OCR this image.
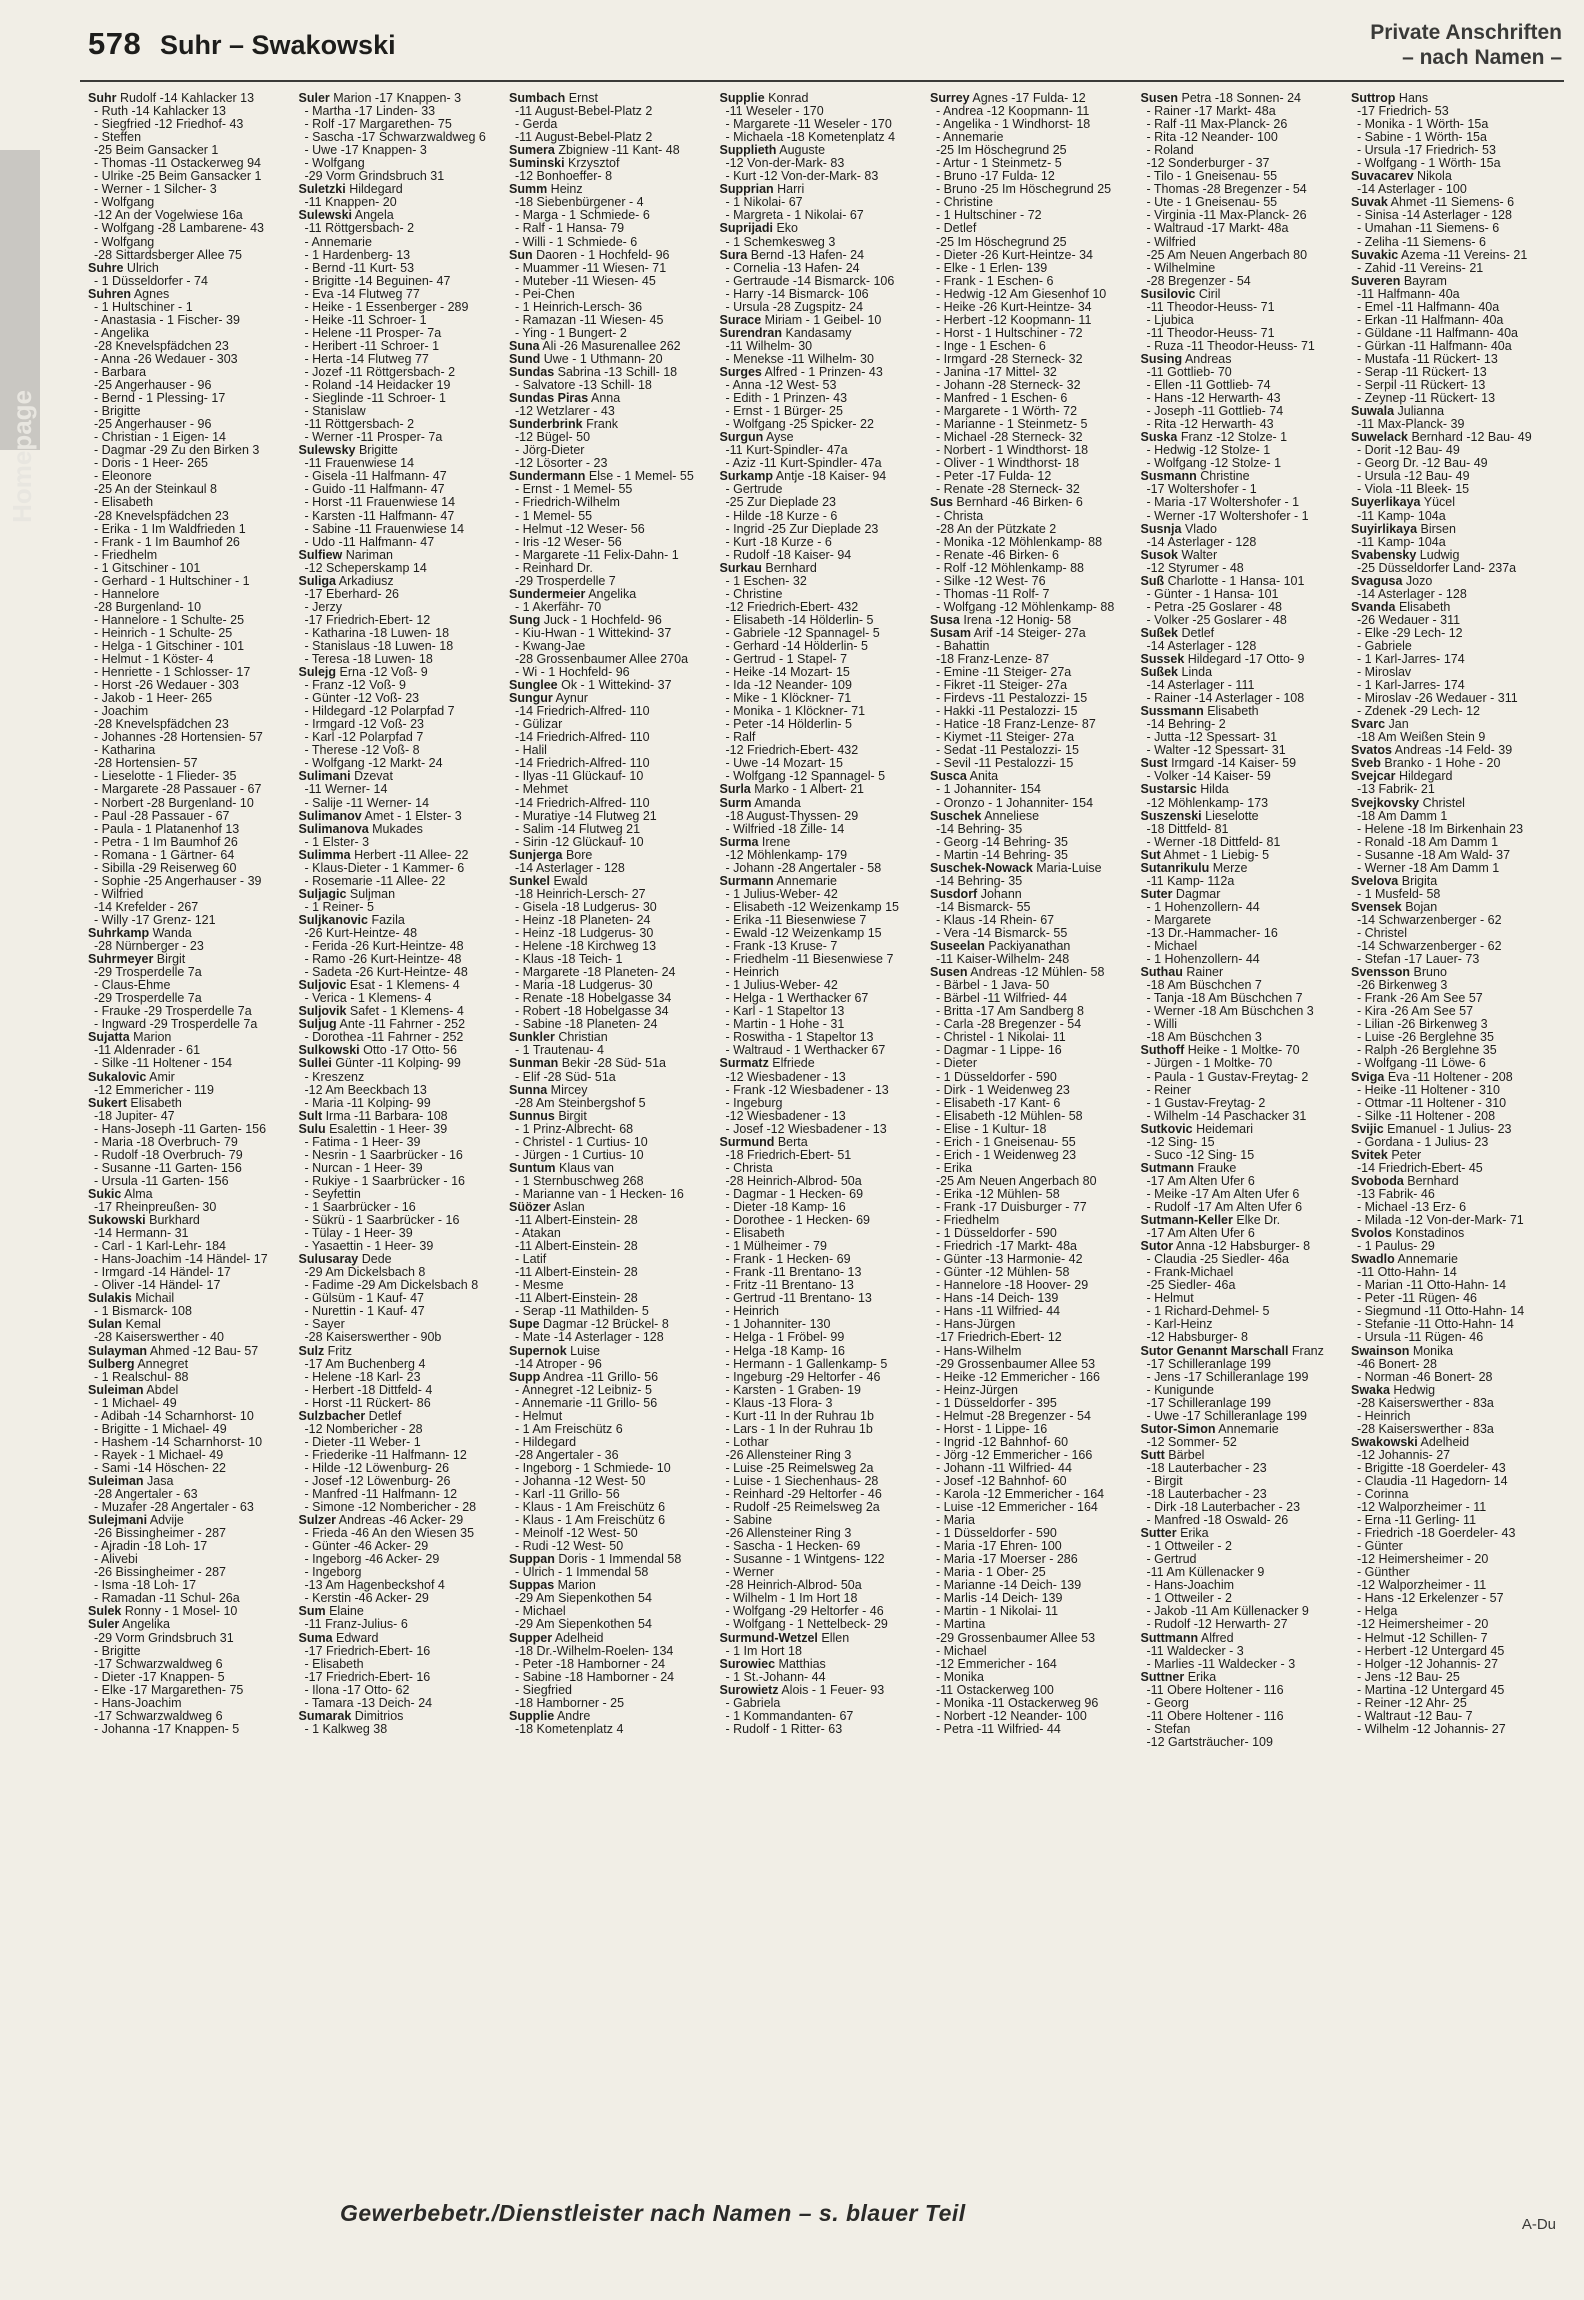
578 Suhr – Swakowski	Private Anschriften
– nach Namen –
Homepage
Suhr Rudolf -14 Kahlacker 13
- Ruth -14 Kahlacker 13
- Siegfried -12 Friedhof- 43
- Steffen
-25 Beim Gansacker 1
- Thomas -11 Ostackerweg 94
- Ulrike -25 Beim Gansacker 1
- Werner - 1 Silcher- 3
- Wolfgang
-12 An der Vogelwiese 16a
- Wolfgang -28 Lambarene- 43
- Wolfgang
-28 Sittardsberger Allee 75
Suhre Ulrich
- 1 Düsseldorfer - 74
Suhren Agnes
- 1 Hultschiner - 1
- Anastasia - 1 Fischer- 39
- Angelika
-28 Knevelspfädchen 23
- Anna -26 Wedauer - 303
- Barbara
-25 Angerhauser - 96
- Bernd - 1 Plessing- 17
- Brigitte
-25 Angerhauser - 96
- Christian - 1 Eigen- 14
- Dagmar -29 Zu den Birken 3
- Doris - 1 Heer- 265
- Eleonore
-25 An der Steinkaul 8
- Elisabeth
-28 Knevelspfädchen 23
- Erika - 1 Im Waldfrieden 1
- Frank - 1 Im Baumhof 26
- Friedhelm
- 1 Gitschiner - 101
- Gerhard - 1 Hultschiner - 1
- Hannelore
-28 Burgenland- 10
- Hannelore - 1 Schulte- 25
- Heinrich - 1 Schulte- 25
- Helga - 1 Gitschiner - 101
- Helmut - 1 Köster- 4
- Henriette - 1 Schlosser- 17
- Horst -26 Wedauer - 303
- Jakob - 1 Heer- 265
- Joachim
-28 Knevelspfädchen 23
- Johannes -28 Hortensien- 57
- Katharina
-28 Hortensien- 57
- Lieselotte - 1 Flieder- 35
- Margarete -28 Passauer - 67
- Norbert -28 Burgenland- 10
- Paul -28 Passauer - 67
- Paula - 1 Platanenhof 13
- Petra - 1 Im Baumhof 26
- Romana - 1 Gärtner- 64
- Sibilla -29 Reiserweg 60
- Sophie -25 Angerhauser - 39
- Wilfried
-14 Krefelder - 267
- Willy -17 Grenz- 121
Suhrkamp Wanda
-28 Nürnberger - 23
Suhrmeyer Birgit
-29 Trosperdelle 7a
- Claus-Ehme
-29 Trosperdelle 7a
- Frauke -29 Trosperdelle 7a
- Ingward -29 Trosperdelle 7a
Sujatta Marion
-11 Aldenrader - 61
- Silke -11 Holtener - 154
Sukalovic Amir
-12 Emmericher - 119
Sukert Elisabeth
-18 Jupiter- 47
- Hans-Joseph -11 Garten- 156
- Maria -18 Overbruch- 79
- Rudolf -18 Overbruch- 79
- Susanne -11 Garten- 156
- Ursula -11 Garten- 156
Sukic Alma
-17 Rheinpreußen- 30
Sukowski Burkhard
-14 Hermann- 31
- Carl - 1 Karl-Lehr- 184
- Hans-Joachim -14 Händel- 17
- Irmgard -14 Händel- 17
- Oliver -14 Händel- 17
Sulakis Michail
- 1 Bismarck- 108
Sulan Kemal
-28 Kaiserswerther - 40
Sulayman Ahmed -12 Bau- 57
Sulberg Annegret
- 1 Realschul- 88
Suleiman Abdel
- 1 Michael- 49
- Adibah -14 Scharnhorst- 10
- Brigitte - 1 Michael- 49
- Hashem -14 Scharnhorst- 10
- Rayek - 1 Michael- 49
- Sami -14 Höschen- 22
Suleiman Jasa
-28 Angertaler - 63
- Muzafer -28 Angertaler - 63
Sulejmani Advije
-26 Bissingheimer - 287
- Ajradin -18 Loh- 17
- Alivebi
-26 Bissingheimer - 287
- Isma -18 Loh- 17
- Ramadan -11 Schul- 26a
Sulek Ronny - 1 Mosel- 10
Suler Angelika
-29 Vorm Grindsbruch 31
- Brigitte
-17 Schwarzwaldweg 6
- Dieter -17 Knappen- 5
- Elke -17 Margarethen- 75
- Hans-Joachim
-17 Schwarzwaldweg 6
- Johanna -17 Knappen- 5
Suler Marion -17 Knappen- 3
- Martha -17 Linden- 33
- Rolf -17 Margarethen- 75
- Sascha -17 Schwarzwaldweg 6
- Uwe -17 Knappen- 3
- Wolfgang
-29 Vorm Grindsbruch 31
Suletzki Hildegard
-11 Knappen- 20
Sulewski Angela
-11 Röttgersbach- 2
- Annemarie
- 1 Hardenberg- 13
- Bernd -11 Kurt- 53
- Brigitte -14 Beguinen- 47
- Eva -14 Flutweg 77
- Heike - 1 Essenberger - 289
- Heike -11 Schroer- 1
- Helene -11 Prosper- 7a
- Heribert -11 Schroer- 1
- Herta -14 Flutweg 77
- Jozef -11 Röttgersbach- 2
- Roland -14 Heidacker 19
- Sieglinde -11 Schroer- 1
- Stanislaw
-11 Röttgersbach- 2
- Werner -11 Prosper- 7a
Sulewsky Brigitte
-11 Frauenwiese 14
- Gisela -11 Halfmann- 47
- Guido -11 Halfmann- 47
- Horst -11 Frauenwiese 14
- Karsten -11 Halfmann- 47
- Sabine -11 Frauenwiese 14
- Udo -11 Halfmann- 47
Sulfiew Nariman
-12 Scheperskamp 14
Suliga Arkadiusz
-17 Eberhard- 26
- Jerzy
-17 Friedrich-Ebert- 12
- Katharina -18 Luwen- 18
- Stanislaus -18 Luwen- 18
- Teresa -18 Luwen- 18
Sulejg Erna -12 Voß- 9
- Franz -12 Voß- 9
- Günter -12 Voß- 23
- Hildegard -12 Polarpfad 7
- Irmgard -12 Voß- 23
- Karl -12 Polarpfad 7
- Therese -12 Voß- 8
- Wolfgang -12 Markt- 24
Sulimani Dzevat
-11 Werner- 14
- Salije -11 Werner- 14
Sulimanov Amet - 1 Elster- 3
Sulimanova Mukades
- 1 Elster- 3
Sulimma Herbert -11 Allee- 22
- Klaus-Dieter - 1 Kammer- 6
- Rosemarie -11 Allee- 22
Suljagic Suljman
- 1 Reiner- 5
Suljkanovic Fazila
-26 Kurt-Heintze- 48
- Ferida -26 Kurt-Heintze- 48
- Ramo -26 Kurt-Heintze- 48
- Sadeta -26 Kurt-Heintze- 48
Suljovic Esat - 1 Klemens- 4
- Verica - 1 Klemens- 4
Suljovik Safet - 1 Klemens- 4
Suljug Ante -11 Fahrner - 252
- Dorothea -11 Fahrner - 252
Sulkowski Otto -17 Otto- 56
Sullei Günter -11 Kolping- 99
- Kreszenz
-12 Am Beeckbach 13
- Maria -11 Kolping- 99
Sult Irma -11 Barbara- 108
Sulu Esalettin - 1 Heer- 39
- Fatima - 1 Heer- 39
- Nesrin - 1 Saarbrücker - 16
- Nurcan - 1 Heer- 39
- Rukiye - 1 Saarbrücker - 16
- Seyfettin
- 1 Saarbrücker - 16
- Sükrü - 1 Saarbrücker - 16
- Tülay - 1 Heer- 39
- Yasaettin - 1 Heer- 39
Sulusaray Dede
-29 Am Dickelsbach 8
- Fadime -29 Am Dickelsbach 8
- Gülsüm - 1 Kauf- 47
- Nurettin - 1 Kauf- 47
- Sayer
-28 Kaiserswerther - 90b
Sulz Fritz
-17 Am Buchenberg 4
- Helene -18 Karl- 23
- Herbert -18 Dittfeld- 4
- Horst -11 Rückert- 86
Sulzbacher Detlef
-12 Nombericher - 28
- Dieter -11 Weber- 1
- Friederike -11 Halfmann- 12
- Hilde -12 Löwenburg- 26
- Josef -12 Löwenburg- 26
- Manfred -11 Halfmann- 12
- Simone -12 Nombericher - 28
Sulzer Andreas -46 Acker- 29
- Frieda -46 An den Wiesen 35
- Günter -46 Acker- 29
- Ingeborg -46 Acker- 29
- Ingeborg
-13 Am Hagenbeckshof 4
- Kerstin -46 Acker- 29
Sum Elaine
-11 Franz-Julius- 6
Suma Edward
-17 Friedrich-Ebert- 16
- Elisabeth
-17 Friedrich-Ebert- 16
- Ilona -17 Otto- 62
- Tamara -13 Deich- 24
Sumarak Dimitrios
- 1 Kalkweg 38
Sumbach Ernst
-11 August-Bebel-Platz 2
- Gerda
-11 August-Bebel-Platz 2
Sumera Zbigniew -11 Kant- 48
Suminski Krzysztof
-12 Bonhoeffer- 8
Summ Heinz
-18 Siebenbürgener - 4
- Marga - 1 Schmiede- 6
- Ralf - 1 Hansa- 79
- Willi - 1 Schmiede- 6
Sun Daoren - 1 Hochfeld- 96
- Muammer -11 Wiesen- 71
- Muteber -11 Wiesen- 45
- Pei-Chen
- 1 Heinrich-Lersch- 36
- Ramazan -11 Wiesen- 45
- Ying - 1 Bungert- 2
Suna Ali -26 Masurenallee 262
Sund Uwe - 1 Uthmann- 20
Sundas Sabrina -13 Schill- 18
- Salvatore -13 Schill- 18
Sundas Piras Anna
-12 Wetzlarer - 43
Sunderbrink Frank
-12 Bügel- 50
- Jörg-Dieter
-12 Lösorter - 23
Sundermann Else - 1 Memel- 55
- Ernst - 1 Memel- 55
- Friedrich-Wilhelm
- 1 Memel- 55
- Helmut -12 Weser- 56
- Iris -12 Weser- 56
- Margarete -11 Felix-Dahn- 1
- Reinhard Dr.
-29 Trosperdelle 7
Sundermeier Angelika
- 1 Akerfähr- 70
Sung Juck - 1 Hochfeld- 96
- Kiu-Hwan - 1 Wittekind- 37
- Kwang-Jae
-28 Grossenbaumer Allee 270a
- Wi - 1 Hochfeld- 96
Sunglee Ok - 1 Wittekind- 37
Sungur Aynur
-14 Friedrich-Alfred- 110
- Gülizar
-14 Friedrich-Alfred- 110
- Halil
-14 Friedrich-Alfred- 110
- Ilyas -11 Glückauf- 10
- Mehmet
-14 Friedrich-Alfred- 110
- Muratiye -14 Flutweg 21
- Salim -14 Flutweg 21
- Sirin -12 Glückauf- 10
Sunjerga Bore
-14 Asterlager - 128
Sunkel Ewald
-18 Heinrich-Lersch- 27
- Gisela -18 Ludgerus- 30
- Heinz -18 Planeten- 24
- Heinz -18 Ludgerus- 30
- Helene -18 Kirchweg 13
- Klaus -18 Teich- 1
- Margarete -18 Planeten- 24
- Maria -18 Ludgerus- 30
- Renate -18 Hobelgasse 34
- Robert -18 Hobelgasse 34
- Sabine -18 Planeten- 24
Sunkler Christian
- 1 Trautenau- 4
Sunman Bekir -28 Süd- 51a
- Elif -28 Süd- 51a
Sunna Mircey
-28 Am Steinbergshof 5
Sunnus Birgit
- 1 Prinz-Albrecht- 68
- Christel - 1 Curtius- 10
- Jürgen - 1 Curtius- 10
Suntum Klaus van
- 1 Sternbuschweg 268
- Marianne van - 1 Hecken- 16
Süözer Aslan
-11 Albert-Einstein- 28
- Atakan
-11 Albert-Einstein- 28
- Latif
-11 Albert-Einstein- 28
- Mesme
-11 Albert-Einstein- 28
- Serap -11 Mathilden- 5
Supe Dagmar -12 Brückel- 8
- Mate -14 Asterlager - 128
Supernok Luise
-14 Atroper - 96
Supp Andrea -11 Grillo- 56
- Annegret -12 Leibniz- 5
- Annemarie -11 Grillo- 56
- Helmut
- 1 Am Freischütz 6
- Hildegard
-28 Angertaler - 36
- Ingeborg - 1 Schmiede- 10
- Johanna -12 West- 50
- Karl -11 Grillo- 56
- Klaus - 1 Am Freischütz 6
- Klaus - 1 Am Freischütz 6
- Meinolf -12 West- 50
- Rudi -12 West- 50
Suppan Doris - 1 Immendal 58
- Ulrich - 1 Immendal 58
Suppas Marion
-29 Am Siepenkothen 54
- Michael
-29 Am Siepenkothen 54
Supper Adelheid
-18 Dr.-Wilhelm-Roelen- 134
- Peter -18 Hamborner - 24
- Sabine -18 Hamborner - 24
- Siegfried
-18 Hamborner - 25
Supplie Andre
-18 Kometenplatz 4
Supplie Konrad
-11 Weseler - 170
- Margarete -11 Weseler - 170
- Michaela -18 Kometenplatz 4
Supplieth Auguste
-12 Von-der-Mark- 83
- Kurt -12 Von-der-Mark- 83
Supprian Harri
- 1 Nikolai- 67
- Margreta - 1 Nikolai- 67
Suprijadi Eko
- 1 Schemkesweg 3
Sura Bernd -13 Hafen- 24
- Cornelia -13 Hafen- 24
- Gertraude -14 Bismarck- 106
- Harry -14 Bismarck- 106
- Ursula -28 Zugspitz- 24
Surace Miriam - 1 Geibel- 10
Surendran Kandasamy
-11 Wilhelm- 30
- Menekse -11 Wilhelm- 30
Surges Alfred - 1 Prinzen- 43
- Anna -12 West- 53
- Edith - 1 Prinzen- 43
- Ernst - 1 Bürger- 25
- Wolfgang -25 Spicker- 22
Surgun Ayse
-11 Kurt-Spindler- 47a
- Aziz -11 Kurt-Spindler- 47a
Surkamp Antje -18 Kaiser- 94
- Gertrude
-25 Zur Dieplade 23
- Hilde -18 Kurze - 6
- Ingrid -25 Zur Dieplade 23
- Kurt -18 Kurze - 6
- Rudolf -18 Kaiser- 94
Surkau Bernhard
- 1 Eschen- 32
- Christine
-12 Friedrich-Ebert- 432
- Elisabeth -14 Hölderlin- 5
- Gabriele -12 Spannagel- 5
- Gerhard -14 Hölderlin- 5
- Gertrud - 1 Stapel- 7
- Heike -14 Mozart- 15
- Ida -12 Neander- 109
- Mike - 1 Klöckner- 71
- Monika - 1 Klöckner- 71
- Peter -14 Hölderlin- 5
- Ralf
-12 Friedrich-Ebert- 432
- Uwe -14 Mozart- 15
- Wolfgang -12 Spannagel- 5
Surla Marko - 1 Albert- 21
Surm Amanda
-18 August-Thyssen- 29
- Wilfried -18 Zille- 14
Surma Irene
-12 Möhlenkamp- 179
- Johann -28 Angertaler - 58
Surmann Annemarie
- 1 Julius-Weber- 42
- Elisabeth -12 Weizenkamp 15
- Erika -11 Biesenwiese 7
- Ewald -12 Weizenkamp 15
- Frank -13 Kruse- 7
- Friedhelm -11 Biesenwiese 7
- Heinrich
- 1 Julius-Weber- 42
- Helga - 1 Werthacker 67
- Karl - 1 Stapeltor 13
- Martin - 1 Hohe - 31
- Roswitha - 1 Stapeltor 13
- Waltraud - 1 Werthacker 67
Surmatz Elfriede
-12 Wiesbadener - 13
- Frank -12 Wiesbadener - 13
- Ingeburg
-12 Wiesbadener - 13
- Josef -12 Wiesbadener - 13
Surmund Berta
-18 Friedrich-Ebert- 51
- Christa
-28 Heinrich-Albrod- 50a
- Dagmar - 1 Hecken- 69
- Dieter -18 Kamp- 16
- Dorothee - 1 Hecken- 69
- Elisabeth
- 1 Mülheimer - 79
- Frank - 1 Hecken- 69
- Frank -11 Brentano- 13
- Fritz -11 Brentano- 13
- Gertrud -11 Brentano- 13
- Heinrich
- 1 Johanniter- 130
- Helga - 1 Fröbel- 99
- Helga -18 Kamp- 16
- Hermann - 1 Gallenkamp- 5
- Ingeburg -29 Heltorfer - 46
- Karsten - 1 Graben- 19
- Klaus -13 Flora- 3
- Kurt -11 In der Ruhrau 1b
- Lars - 1 In der Ruhrau 1b
- Lothar
-26 Allensteiner Ring 3
- Luise -25 Reimelsweg 2a
- Luise - 1 Siechenhaus- 28
- Reinhard -29 Heltorfer - 46
- Rudolf -25 Reimelsweg 2a
- Sabine
-26 Allensteiner Ring 3
- Sascha - 1 Hecken- 69
- Susanne - 1 Wintgens- 122
- Werner
-28 Heinrich-Albrod- 50a
- Wilhelm - 1 Im Hort 18
- Wolfgang -29 Heltorfer - 46
- Wolfgang - 1 Nettelbeck- 29
Surmund-Wetzel Ellen
- 1 Im Hort 18
Surowiec Matthias
- 1 St.-Johann- 44
Surowietz Alois - 1 Feuer- 93
- Gabriela
- 1 Kommandanten- 67
- Rudolf - 1 Ritter- 63
Surrey Agnes -17 Fulda- 12
- Andrea -12 Koopmann- 11
- Angelika - 1 Windhorst- 18
- Annemarie
-25 Im Höschegrund 25
- Artur - 1 Steinmetz- 5
- Bruno -17 Fulda- 12
- Bruno -25 Im Höschegrund 25
- Christine
- 1 Hultschiner - 72
- Detlef
-25 Im Höschegrund 25
- Dieter -26 Kurt-Heintze- 34
- Elke - 1 Erlen- 139
- Frank - 1 Eschen- 6
- Hedwig -12 Am Giesenhof 10
- Heike -26 Kurt-Heintze- 34
- Herbert -12 Koopmann- 11
- Horst - 1 Hultschiner - 72
- Inge - 1 Eschen- 6
- Irmgard -28 Sterneck- 32
- Janina -17 Mittel- 32
- Johann -28 Sterneck- 32
- Manfred - 1 Eschen- 6
- Margarete - 1 Wörth- 72
- Marianne - 1 Steinmetz- 5
- Michael -28 Sterneck- 32
- Norbert - 1 Windthorst- 18
- Oliver - 1 Windthorst- 18
- Peter -17 Fulda- 12
- Renate -28 Sterneck- 32
Sus Bernhard -46 Birken- 6
- Christa
-28 An der Pützkate 2
- Monika -12 Möhlenkamp- 88
- Renate -46 Birken- 6
- Rolf -12 Möhlenkamp- 88
- Silke -12 West- 76
- Thomas -11 Rolf- 7
- Wolfgang -12 Möhlenkamp- 88
Susa Irena -12 Honig- 58
Susam Arif -14 Steiger- 27a
- Bahattin
-18 Franz-Lenze- 87
- Emine -11 Steiger- 27a
- Fikret -11 Steiger- 27a
- Firdevs -11 Pestalozzi- 15
- Hakki -11 Pestalozzi- 15
- Hatice -18 Franz-Lenze- 87
- Kiymet -11 Steiger- 27a
- Sedat -11 Pestalozzi- 15
- Sevil -11 Pestalozzi- 15
Susca Anita
- 1 Johanniter- 154
- Oronzo - 1 Johanniter- 154
Suschek Anneliese
-14 Behring- 35
- Georg -14 Behring- 35
- Martin -14 Behring- 35
Suschek-Nowack Maria-Luise
-14 Behring- 35
Susdorf Johann
-14 Bismarck- 55
- Klaus -14 Rhein- 67
- Vera -14 Bismarck- 55
Suseelan Packiyanathan
-11 Kaiser-Wilhelm- 248
Susen Andreas -12 Mühlen- 58
- Bärbel - 1 Java- 50
- Bärbel -11 Wilfried- 44
- Britta -17 Am Sandberg 8
- Carla -28 Bregenzer - 54
- Christel - 1 Nikolai- 11
- Dagmar - 1 Lippe- 16
- Dieter
- 1 Düsseldorfer - 590
- Dirk - 1 Weidenweg 23
- Elisabeth -17 Kant- 6
- Elisabeth -12 Mühlen- 58
- Elise - 1 Kultur- 18
- Erich - 1 Gneisenau- 55
- Erich - 1 Weidenweg 23
- Erika
-25 Am Neuen Angerbach 80
- Erika -12 Mühlen- 58
- Frank -17 Duisburger - 77
- Friedhelm
- 1 Düsseldorfer - 590
- Friedrich -17 Markt- 48a
- Günter -13 Harmonie- 42
- Günter -12 Mühlen- 58
- Hannelore -18 Hoover- 29
- Hans -14 Deich- 139
- Hans -11 Wilfried- 44
- Hans-Jürgen
-17 Friedrich-Ebert- 12
- Hans-Wilhelm
-29 Grossenbaumer Allee 53
- Heike -12 Emmericher - 166
- Heinz-Jürgen
- 1 Düsseldorfer - 395
- Helmut -28 Bregenzer - 54
- Horst - 1 Lippe- 16
- Ingrid -12 Bahnhof- 60
- Jörg -12 Emmericher - 166
- Johann -11 Wilfried- 44
- Josef -12 Bahnhof- 60
- Karola -12 Emmericher - 164
- Luise -12 Emmericher - 164
- Maria
- 1 Düsseldorfer - 590
- Maria -17 Ehren- 100
- Maria -17 Moerser - 286
- Maria - 1 Ober- 25
- Marianne -14 Deich- 139
- Marlis -14 Deich- 139
- Martin - 1 Nikolai- 11
- Martina
-29 Grossenbaumer Allee 53
- Michael
-12 Emmericher - 164
- Monika
-11 Ostackerweg 100
- Monika -11 Ostackerweg 96
- Norbert -12 Neander- 100
- Petra -11 Wilfried- 44
Susen Petra -18 Sonnen- 24
- Rainer -17 Markt- 48a
- Ralf -11 Max-Planck- 26
- Rita -12 Neander- 100
- Roland
-12 Sonderburger - 37
- Tilo - 1 Gneisenau- 55
- Thomas -28 Bregenzer - 54
- Ute - 1 Gneisenau- 55
- Virginia -11 Max-Planck- 26
- Waltraud -17 Markt- 48a
- Wilfried
-25 Am Neuen Angerbach 80
- Wilhelmine
-28 Bregenzer - 54
Susilovic Ciril
-11 Theodor-Heuss- 71
- Ljubica
-11 Theodor-Heuss- 71
- Ruza -11 Theodor-Heuss- 71
Susing Andreas
-11 Gottlieb- 70
- Ellen -11 Gottlieb- 74
- Hans -12 Herwarth- 43
- Joseph -11 Gottlieb- 74
- Rita -12 Herwarth- 43
Suska Franz -12 Stolze- 1
- Hedwig -12 Stolze- 1
- Wolfgang -12 Stolze- 1
Susmann Christine
-17 Woltershofer - 1
- Maria -17 Woltershofer - 1
- Werner -17 Woltershofer - 1
Susnja Vlado
-14 Asterlager - 128
Susok Walter
-12 Styrumer - 48
Suß Charlotte - 1 Hansa- 101
- Günter - 1 Hansa- 101
- Petra -25 Goslarer - 48
- Volker -25 Goslarer - 48
Sußek Detlef
-14 Asterlager - 128
Sussek Hildegard -17 Otto- 9
Sußek Linda
-14 Asterlager - 111
- Rainer -14 Asterlager - 108
Sussmann Elisabeth
-14 Behring- 2
- Jutta -12 Spessart- 31
- Walter -12 Spessart- 31
Sust Irmgard -14 Kaiser- 59
- Volker -14 Kaiser- 59
Sustarsic Hilda
-12 Möhlenkamp- 173
Suszenski Lieselotte
-18 Dittfeld- 81
- Werner -18 Dittfeld- 81
Sut Ahmet - 1 Liebig- 5
Sutanrikulu Merze
-11 Kamp- 112a
Suter Dagmar
- 1 Hohenzollern- 44
- Margarete
-13 Dr.-Hammacher- 16
- Michael
- 1 Hohenzollern- 44
Suthau Rainer
-18 Am Büschchen 7
- Tanja -18 Am Büschchen 7
- Werner -18 Am Büschchen 3
- Willi
-18 Am Büschchen 3
Suthoff Heike - 1 Moltke- 70
- Jürgen - 1 Moltke- 70
- Paula - 1 Gustav-Freytag- 2
- Reiner
- 1 Gustav-Freytag- 2
- Wilhelm -14 Paschacker 31
Sutkovic Heidemari
-12 Sing- 15
- Suco -12 Sing- 15
Sutmann Frauke
-17 Am Alten Ufer 6
- Meike -17 Am Alten Ufer 6
- Rudolf -17 Am Alten Ufer 6
Sutmann-Keller Elke Dr.
-17 Am Alten Ufer 6
Sutor Anna -12 Habsburger- 8
- Claudia -25 Siedler- 46a
- Frank-Michael
-25 Siedler- 46a
- Helmut
- 1 Richard-Dehmel- 5
- Karl-Heinz
-12 Habsburger- 8
Sutor Genannt Marschall Franz
-17 Schilleranlage 199
- Jens -17 Schilleranlage 199
- Kunigunde
-17 Schilleranlage 199
- Uwe -17 Schilleranlage 199
Sutor-Simon Annemarie
-12 Sommer- 52
Sutt Bärbel
-18 Lauterbacher - 23
- Birgit
-18 Lauterbacher - 23
- Dirk -18 Lauterbacher - 23
- Manfred -18 Oswald- 26
Sutter Erika
- 1 Ottweiler - 2
- Gertrud
-11 Am Küllenacker 9
- Hans-Joachim
- 1 Ottweiler - 2
- Jakob -11 Am Küllenacker 9
- Rudolf -12 Herwarth- 27
Suttmann Alfred
-11 Waldecker - 3
- Marlies -11 Waldecker - 3
Suttner Erika
-11 Obere Holtener - 116
- Georg
-11 Obere Holtener - 116
- Stefan
-12 Gartsträucher- 109
Suttrop Hans
-17 Friedrich- 53
- Monika - 1 Wörth- 15a
- Sabine - 1 Wörth- 15a
- Ursula -17 Friedrich- 53
- Wolfgang - 1 Wörth- 15a
Suvacarev Nikola
-14 Asterlager - 100
Suvak Ahmet -11 Siemens- 6
- Sinisa -14 Asterlager - 128
- Umahan -11 Siemens- 6
- Zeliha -11 Siemens- 6
Suvakic Azema -11 Vereins- 21
- Zahid -11 Vereins- 21
Suveren Bayram
-11 Halfmann- 40a
- Emel -11 Halfmann- 40a
- Erkan -11 Halfmann- 40a
- Güldane -11 Halfmann- 40a
- Gürkan -11 Halfmann- 40a
- Mustafa -11 Rückert- 13
- Serap -11 Rückert- 13
- Serpil -11 Rückert- 13
- Zeynep -11 Rückert- 13
Suwala Julianna
-11 Max-Planck- 39
Suwelack Bernhard -12 Bau- 49
- Dorit -12 Bau- 49
- Georg Dr. -12 Bau- 49
- Ursula -12 Bau- 49
- Viola -11 Bleek- 15
Suyerlikaya Yücel
-11 Kamp- 104a
Suyirlikaya Birsen
-11 Kamp- 104a
Svabensky Ludwig
-25 Düsseldorfer Land- 237a
Svagusa Jozo
-14 Asterlager - 128
Svanda Elisabeth
-26 Wedauer - 311
- Elke -29 Lech- 12
- Gabriele
- 1 Karl-Jarres- 174
- Miroslav
- 1 Karl-Jarres- 174
- Miroslav -26 Wedauer - 311
- Zdenek -29 Lech- 12
Svarc Jan
-18 Am Weißen Stein 9
Svatos Andreas -14 Feld- 39
Sveb Branko - 1 Hohe - 20
Svejcar Hildegard
-13 Fabrik- 21
Svejkovsky Christel
-18 Am Damm 1
- Helene -18 Im Birkenhain 23
- Ronald -18 Am Damm 1
- Susanne -18 Am Wald- 37
- Werner -18 Am Damm 1
Svelova Brigita
- 1 Musfeld- 58
Svensek Bojan
-14 Schwarzenberger - 62
- Christel
-14 Schwarzenberger - 62
- Stefan -17 Lauer- 73
Svensson Bruno
-26 Birkenweg 3
- Frank -26 Am See 57
- Kira -26 Am See 57
- Lilian -26 Birkenweg 3
- Luise -26 Berglehne 35
- Ralph -26 Berglehne 35
- Wolfgang -11 Löwe- 6
Sviga Eva -11 Holtener - 208
- Heike -11 Holtener - 310
- Ottmar -11 Holtener - 310
- Silke -11 Holtener - 208
Svijic Emanuel - 1 Julius- 23
- Gordana - 1 Julius- 23
Svitek Peter
-14 Friedrich-Ebert- 45
Svoboda Bernhard
-13 Fabrik- 46
- Michael -13 Erz- 6
- Milada -12 Von-der-Mark- 71
Svolos Konstadinos
- 1 Paulus- 29
Swadlo Annemarie
-11 Otto-Hahn- 14
- Marian -11 Otto-Hahn- 14
- Peter -11 Rügen- 46
- Siegmund -11 Otto-Hahn- 14
- Stefanie -11 Otto-Hahn- 14
- Ursula -11 Rügen- 46
Swainson Monika
-46 Bonert- 28
- Norman -46 Bonert- 28
Swaka Hedwig
-28 Kaiserswerther - 83a
- Heinrich
-28 Kaiserswerther - 83a
Swakowski Adelheid
-12 Johannis- 27
- Brigitte -18 Goerdeler- 43
- Claudia -11 Hagedorn- 14
- Corinna
-12 Walporzheimer - 11
- Erna -11 Gerling- 11
- Friedrich -18 Goerdeler- 43
- Günter
-12 Heimersheimer - 20
- Günther
-12 Walporzheimer - 11
- Hans -12 Erkelenzer - 57
- Helga
-12 Heimersheimer - 20
- Helmut -12 Schillen- 7
- Herbert -12 Untergard 45
- Holger -12 Johannis- 27
- Jens -12 Bau- 25
- Martina -12 Untergard 45
- Reiner -12 Ahr- 25
- Waltraut -12 Bau- 7
- Wilhelm -12 Johannis- 27
Gewerbebetr./Dienstleister nach Namen – s. blauer Teil	A-Du
